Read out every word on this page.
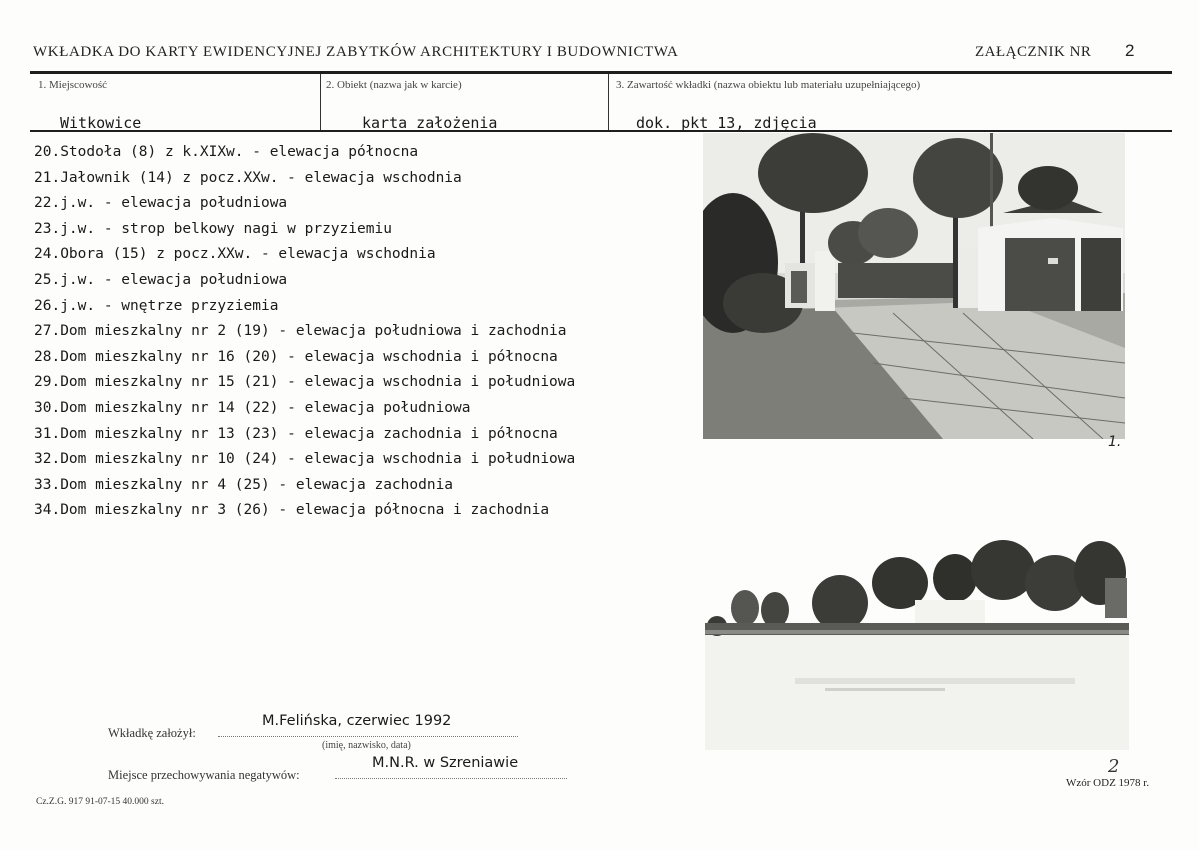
WKŁADKA DO KARTY EWIDENCYJNEJ ZABYTKÓW ARCHITEKTURY I BUDOWNICTWA	ZAŁĄCZNIK NR 2
1. Miejscowość	2. Obiekt (nazwa jak w karcie)	3. Zawartość wkładki (nazwa obiektu lub materiału uzupełniającego)
Witkowice	karta założenia	dok. pkt 13, zdjęcia
20.Stodoła (8) z k.XIXw. - elewacja północna
21.Jałownik (14) z pocz.XXw. - elewacja wschodnia
22.j.w. - elewacja południowa
23.j.w. - strop belkowy nagi w przyziemiu
24.Obora (15) z pocz.XXw. - elewacja wschodnia
25.j.w. - elewacja południowa
26.j.w. - wnętrze przyziemia
27.Dom mieszkalny nr 2 (19) - elewacja południowa i zachodnia
28.Dom mieszkalny nr 16 (20) - elewacja wschodnia i północna
29.Dom mieszkalny nr 15 (21) - elewacja wschodnia i południowa
30.Dom mieszkalny nr 14 (22) - elewacja południowa
31.Dom mieszkalny nr 13 (23) - elewacja zachodnia i północna
32.Dom mieszkalny nr 10 (24) - elewacja wschodnia i południowa
33.Dom mieszkalny nr 4 (25) - elewacja zachodnia
34.Dom mieszkalny nr 3 (26) - elewacja północna i zachodnia
1.
Wkładkę założył:
M.Felińska, czerwiec 1992
(imię, nazwisko, data)
Miejsce przechowywania negatywów:
M.N.R. w Szreniawie
Cz.Z.G. 917 91-07-15 40.000 szt.
2
Wzór ODZ 1978 r.
